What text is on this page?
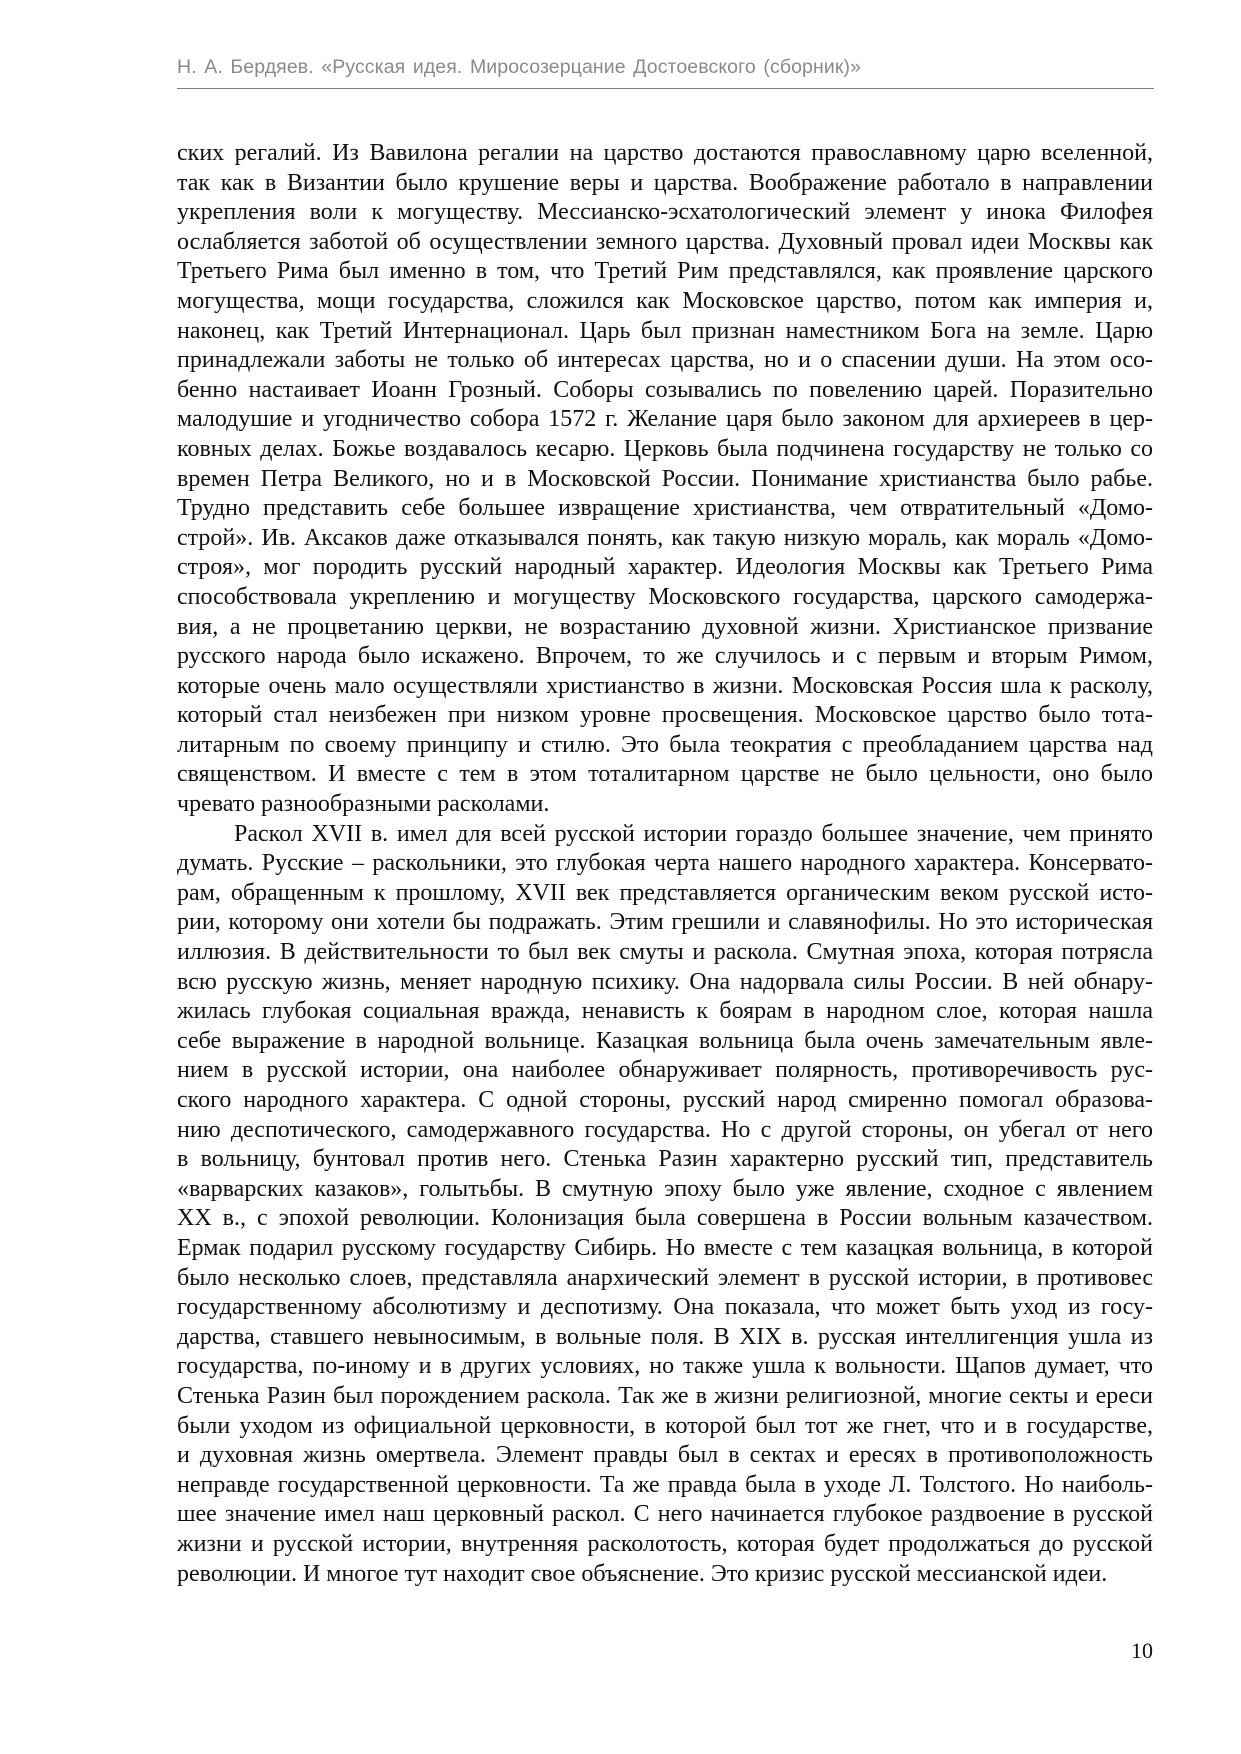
Н. А. Бердяев. «Русская идея. Миросозерцание Достоевского (сборник)»
ских регалий. Из Вавилона регалии на царство достаются православному царю вселенной,
так как в Византии было крушение веры и царства. Воображение работало в направлении
укрепления воли к могуществу. Мессианско-эсхатологический элемент у инока Филофея
ослабляется заботой об осуществлении земного царства. Духовный провал идеи Москвы как
Третьего Рима был именно в том, что Третий Рим представлялся, как проявление царского
могущества, мощи государства, сложился как Московское царство, потом как империя и,
наконец, как Третий Интернационал. Царь был признан наместником Бога на земле. Царю
принадлежали заботы не только об интересах царства, но и о спасении души. На этом осо-
бенно настаивает Иоанн Грозный. Соборы созывались по повелению царей. Поразительно
малодушие и угодничество собора 1572 г. Желание царя было законом для архиереев в цер-
ковных делах. Божье воздавалось кесарю. Церковь была подчинена государству не только со
времен Петра Великого, но и в Московской России. Понимание христианства было рабье.
Трудно представить себе большее извращение христианства, чем отвратительный «Домо-
строй». Ив. Аксаков даже отказывался понять, как такую низкую мораль, как мораль «Домо-
строя», мог породить русский народный характер. Идеология Москвы как Третьего Рима
способствовала укреплению и могуществу Московского государства, царского самодержа-
вия, а не процветанию церкви, не возрастанию духовной жизни. Христианское призвание
русского народа было искажено. Впрочем, то же случилось и с первым и вторым Римом,
которые очень мало осуществляли христианство в жизни. Московская Россия шла к расколу,
который стал неизбежен при низком уровне просвещения. Московское царство было тота-
литарным по своему принципу и стилю. Это была теократия с преобладанием царства над
священством. И вместе с тем в этом тоталитарном царстве не было цельности, оно было
чревато разнообразными расколами.
Раскол XVII в. имел для всей русской истории гораздо большее значение, чем принято
думать. Русские – раскольники, это глубокая черта нашего народного характера. Консервато-
рам, обращенным к прошлому, XVII век представляется органическим веком русской исто-
рии, которому они хотели бы подражать. Этим грешили и славянофилы. Но это историческая
иллюзия. В действительности то был век смуты и раскола. Смутная эпоха, которая потрясла
всю русскую жизнь, меняет народную психику. Она надорвала силы России. В ней обнару-
жилась глубокая социальная вражда, ненависть к боярам в народном слое, которая нашла
себе выражение в народной вольнице. Казацкая вольница была очень замечательным явле-
нием в русской истории, она наиболее обнаруживает полярность, противоречивость рус-
ского народного характера. С одной стороны, русский народ смиренно помогал образова-
нию деспотического, самодержавного государства. Но с другой стороны, он убегал от него
в вольницу, бунтовал против него. Стенька Разин характерно русский тип, представитель
«варварских казаков», голытьбы. В смутную эпоху было уже явление, сходное с явлением
XX в., с эпохой революции. Колонизация была совершена в России вольным казачеством.
Ермак подарил русскому государству Сибирь. Но вместе с тем казацкая вольница, в которой
было несколько слоев, представляла анархический элемент в русской истории, в противовес
государственному абсолютизму и деспотизму. Она показала, что может быть уход из госу-
дарства, ставшего невыносимым, в вольные поля. В XIX в. русская интеллигенция ушла из
государства, по-иному и в других условиях, но также ушла к вольности. Щапов думает, что
Стенька Разин был порождением раскола. Так же в жизни религиозной, многие секты и ереси
были уходом из официальной церковности, в которой был тот же гнет, что и в государстве,
и духовная жизнь омертвела. Элемент правды был в сектах и ересях в противоположность
неправде государственной церковности. Та же правда была в уходе Л. Толстого. Но наиболь-
шее значение имел наш церковный раскол. С него начинается глубокое раздвоение в русской
жизни и русской истории, внутренняя расколотость, которая будет продолжаться до русской
революции. И многое тут находит свое объяснение. Это кризис русской мессианской идеи.
10
